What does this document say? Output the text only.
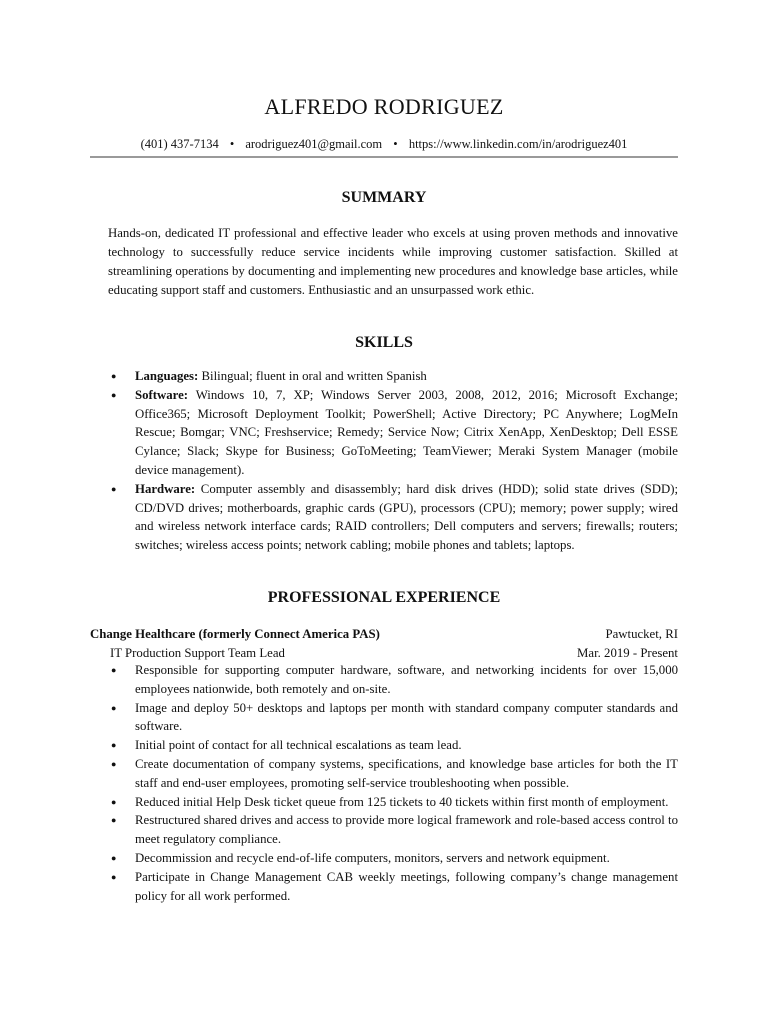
ALFREDO RODRIGUEZ
(401) 437-7134 • arodriguez401@gmail.com • https://www.linkedin.com/in/arodriguez401
SUMMARY

Hands-on, dedicated IT professional and effective leader who excels at using proven methods and innovative technology to successfully reduce service incidents while improving customer satisfaction. Skilled at streamlining operations by documenting and implementing new procedures and knowledge base articles, while educating support staff and customers. Enthusiastic and an unsurpassed work ethic.

SKILLS
● Languages: Bilingual; fluent in oral and written Spanish
● Software: Windows 10, 7, XP; Windows Server 2003, 2008, 2012, 2016; Microsoft Exchange; Office365; Microsoft Deployment Toolkit; PowerShell; Active Directory; PC Anywhere; LogMeIn Rescue; Bomgar; VNC; Freshservice; Remedy; Service Now; Citrix XenApp, XenDesktop; Dell ESSE Cylance; Slack; Skype for Business; GoToMeeting; TeamViewer; Meraki System Manager (mobile device management).
● Hardware: Computer assembly and disassembly; hard disk drives (HDD); solid state drives (SDD); CD/DVD drives; motherboards, graphic cards (GPU), processors (CPU); memory; power supply; wired and wireless network interface cards; RAID controllers; Dell computers and servers; firewalls; routers; switches; wireless access points; network cabling; mobile phones and tablets; laptops.
PROFESSIONAL EXPERIENCE
Change Healthcare (formerly Connect America PAS)	Pawtucket, RI
IT Production Support Team Lead	Mar. 2019 - Present
● Responsible for supporting computer hardware, software, and networking incidents for over 15,000 employees nationwide, both remotely and on-site.
● Image and deploy 50+ desktops and laptops per month with standard company computer standards and software.
● Initial point of contact for all technical escalations as team lead.
● Create documentation of company systems, specifications, and knowledge base articles for both the IT staff and end-user employees, promoting self-service troubleshooting when possible.
● Reduced initial Help Desk ticket queue from 125 tickets to 40 tickets within first month of employment.
● Restructured shared drives and access to provide more logical framework and role-based access control to meet regulatory compliance.
● Decommission and recycle end-of-life computers, monitors, servers and network equipment.
● Participate in Change Management CAB weekly meetings, following company’s change management policy for all work performed.
